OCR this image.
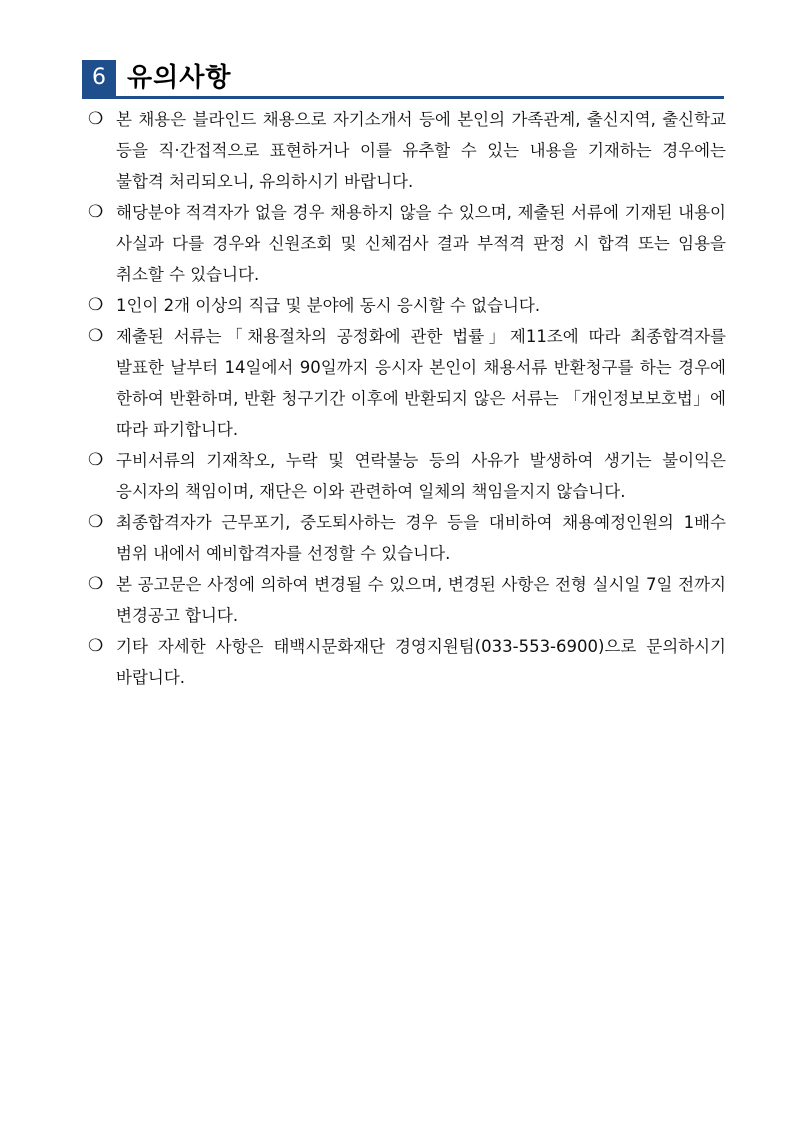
6 유의사항
❍ 본 채용은 블라인드 채용으로 자기소개서 등에 본인의 가족관계, 출신지역, 출신학교 등을 직·간접적으로 표현하거나 이를 유추할 수 있는 내용을 기재하는 경우에는 불합격 처리되오니, 유의하시기 바랍니다.
❍ 해당분야 적격자가 없을 경우 채용하지 않을 수 있으며, 제출된 서류에 기재된 내용이 사실과 다를 경우와 신원조회 및 신체검사 결과 부적격 판정 시 합격 또는 임용을 취소할 수 있습니다.
❍ 1인이 2개 이상의 직급 및 분야에 동시 응시할 수 없습니다.
❍ 제출된 서류는「채용절차의 공정화에 관한 법률」제11조에 따라 최종합격자를 발표한 날부터 14일에서 90일까지 응시자 본인이 채용서류 반환청구를 하는 경우에 한하여 반환하며, 반환 청구기간 이후에 반환되지 않은 서류는 「개인정보보호법」에 따라 파기합니다.
❍ 구비서류의 기재착오, 누락 및 연락불능 등의 사유가 발생하여 생기는 불이익은 응시자의 책임이며, 재단은 이와 관련하여 일체의 책임을지지 않습니다.
❍ 최종합격자가 근무포기, 중도퇴사하는 경우 등을 대비하여 채용예정인원의 1배수 범위 내에서 예비합격자를 선정할 수 있습니다.
❍ 본 공고문은 사정에 의하여 변경될 수 있으며, 변경된 사항은 전형 실시일 7일 전까지 변경공고 합니다.
❍ 기타 자세한 사항은 태백시문화재단 경영지원팀(033-553-6900)으로 문의하시기 바랍니다.
